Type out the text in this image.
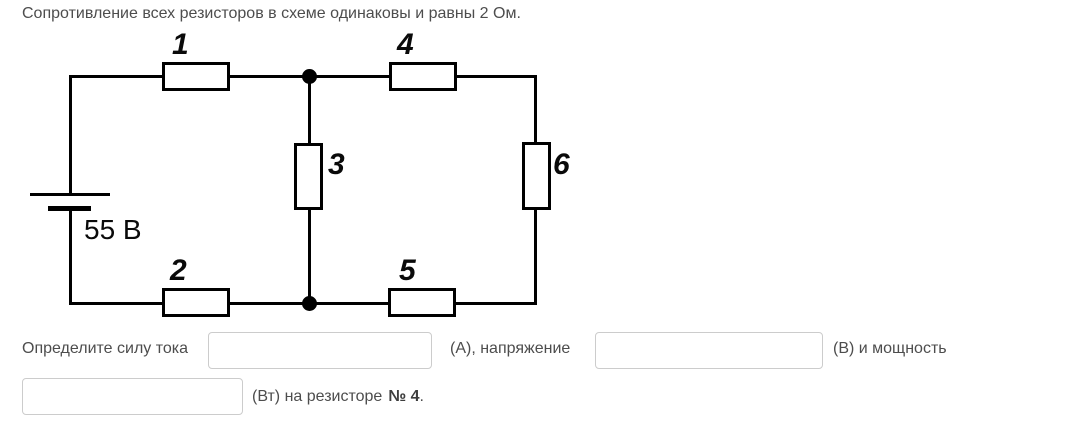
Сопротивление всех резисторов в схеме одинаковы и равны 2 Ом.
55 В
1
2
3
4
5
6
Определите силу тока	(А), напряжение	(В) и мощность
(Вт) на резисторе № 4 .
